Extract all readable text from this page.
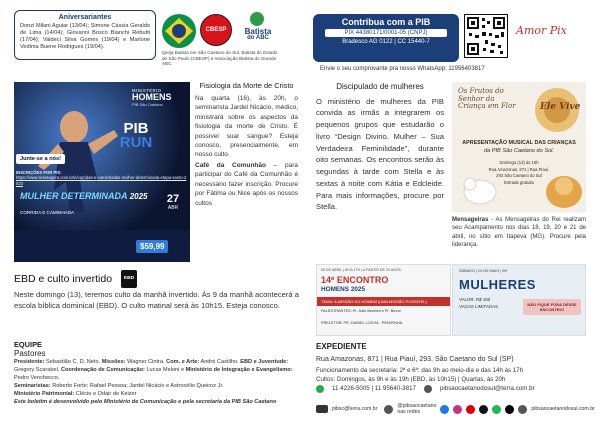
Aniversariantes
Donzi Milani Aguiar (13/04); Simone Cássia Geraldo de Lima (14/04); Giovanni Bosco Bianchi Rebutti (17/04); Valdeci Silva Gomes (19/04) e Marlone Vedima Buene Rodrigues (19/04).
CBESP	Batista
do ABC
Igreja Batista em São Caetano do Sul, Batista do Estado de São Paulo (CBESP) e Associação Batista do Grande ABC
Contribua com a PIB
PIX 44380171/0001-05 (CNPJ)
Bradesco AG 0122 | CC 15440-7
Amor Pix
Envie o seu comprovante pra nosso WhatsApp: 11956403817
MINISTÉRIO
HOMENS
PIB São Caetano
PIB
RUN
Junte-se a nós!
INSCRIÇÕES POR PIX:
https://www.ticketagora.com.br/e/corridas-e-caminhadas-mulher-determinada-etapa-santo-2023
MULHER DETERMINADA 2025
CORRIDA E CAMINHADA
27
ABR
$59,99
Fisiologia da Morte de Cristo

Na quarta (16), às 20h, o seminarista Jardel Nicácio, médico, ministrará sobre os aspectos da fisiologia da morte de Cristo. É possível suar sangue? Esteja conosco, presencialmente, em nosso culto.

Café da Comunhão – para participar do Café da Comunhão é necessário fazer inscrição. Procure por Fátima ou Nice após os nossos cultos

Discipulado de mulheres

O ministério de mulheres da PIB convida as irmãs a integrarem os pequenos grupos que estudarão o livro “Design Divino. Mulher – Sua Verdadeira Feminilidade”, durante oito semanas. Os encontros serão às segundas à tarde com Stella e às sextas à noite com Kátia e Edcleide. Para mais informações, procure por Stella.

Os Frutos do Senhor da Criança em Flor	Ele Vive
APRESENTAÇÃO MUSICAL DAS CRIANÇAS
da PIB São Caetano do Sul.
Domingo (13) às 10h
Rua Amazonas, 871 | Rua Piauí, 293 São Caetano do Sul
Entrada gratuita

Mensageiras - As Mensageiras do Rei realizam seu Acampamento nos dias 18, 19, 20 e 21 de abril, no sítio em Itapeva (MG). Procure pela liderança.

EBD e culto invertido EBD
Neste domingo (13), teremos culto da manhã invertido. Às 9 da manhã acontecerá a escola bíblica dominical (EBD). O culto matinal será às 10h15. Esteja conosco.
EQUIPE
Pastores

Presidente: Sebastião C. D. Neto. Missões: Wagner Cintra. Com. e Arte: André Castilho. EBD e Juventude: Gregory Scarabel. Coordenação de Comunicação: Lucas Meloni e Ministério de Integração e Evangelismo: Pedro Venchecco.

Seminaristas: Roberto Forte; Rafael Pessoa; Jardel Nicácio e Astrocélio Queiroz Jr.

Ministério Patrimonial: Clécio e Odair de Keizer

Este boletim é desenvolvido pelo Ministério de Comunicação e pela secretaria da PIB São Caetano

05 DE ABRIL | 8H A 17H | A PARTIR DE 20 ANOS
14º ENCONTRO
HOMENS 2025
TEMA: A MISSÃO DO HOMEM (UMA MISSÃO POSSÍVEL)
PALESTRANTES: Pr. Júlio Bezerra e Pr. Bruno
PRELETOR: PR. DANIEL LOCHA · PIRAPINHA
SÁBADO | 10 DE MAIO | 8H
MULHERES
VALOR: R$ 180
VAGAS LIMITADAS	NÃO FIQUE FORA DESSE ENCONTRO!
EXPEDIENTE

Rua Amazonas, 871 | Rua Piauí, 293, São Caetano do Sul (SP)

Funcionamento da secretaria: 2ª e 6ª: das 9h ao meio-dia e das 14h às 17h

Cultos: Domingos, às 9h e às 19h (EBD, às 10h15) | Quartas, às 20h

11 4226-5005 | 11 95640-3817	pibsaocaetanodosul@terra.com.br

pibsc@terra.com.br	@pibsaocaetano nas redes	pibsaocaetanodosul.com.br
